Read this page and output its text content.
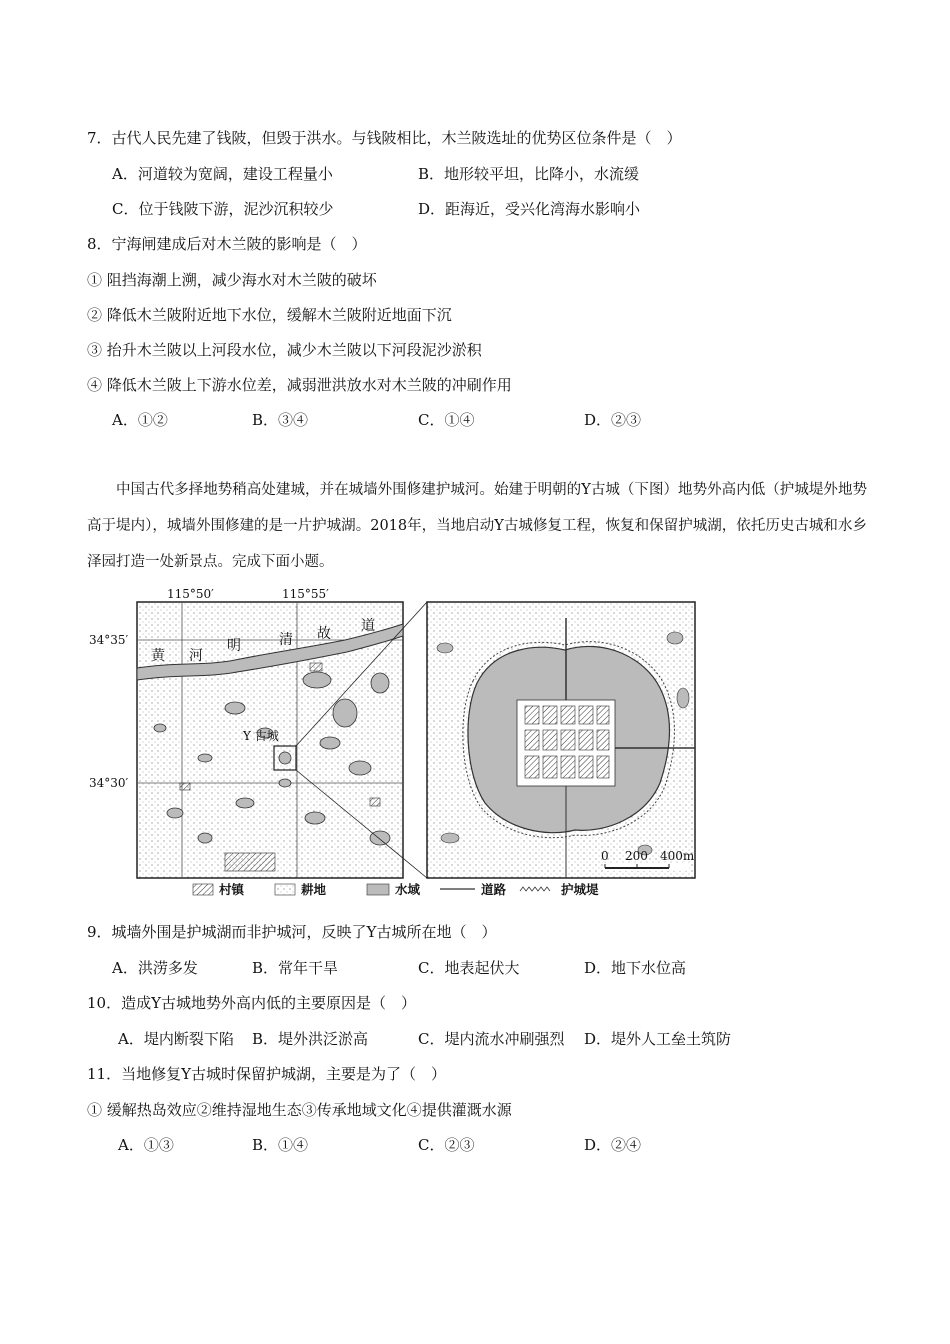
7．古代人民先建了钱陂，但毁于洪水。与钱陂相比，木兰陂选址的优势区位条件是（　）
A．河道较为宽阔，建设工程量小	B．地形较平坦，比降小，水流缓
C．位于钱陂下游，泥沙沉积较少	D．距海近，受兴化湾海水影响小
8．宁海闸建成后对木兰陂的影响是（　）
① 阻挡海潮上溯，减少海水对木兰陂的破坏
② 降低木兰陂附近地下水位，缓解木兰陂附近地面下沉
③ 抬升木兰陂以上河段水位，减少木兰陂以下河段泥沙淤积
④ 降低木兰陂上下游水位差，减弱泄洪放水对木兰陂的冲刷作用
A．①②	B．③④	C．①④	D．②③

中国古代多择地势稍高处建城，并在城墙外围修建护城河。始建于明朝的Y古城（下图）地势外高内低（护城堤外地势高于堤内），城墙外围修建的是一片护城湖。2018年，当地启动Y古城修复工程，恢复和保留护城湖，依托历史古城和水乡泽园打造一处新景点。完成下面小题。

115°50′	115°55′
34°35′
34°30′
黄 河
明	清 故 道
Y 古城
0 200 400m
村镇	耕地	水域	道路	护城堤
9．城墙外围是护城湖而非护城河，反映了Y古城所在地（　）
A．洪涝多发	B．常年干旱	C．地表起伏大	D．地下水位高
10．造成Y古城地势外高内低的主要原因是（　）
A．堤内断裂下陷 B．堤外洪泛淤高	C．堤内流水冲刷强烈 D．堤外人工垒土筑防
11．当地修复Y古城时保留护城湖，主要是为了（　）
① 缓解热岛效应②维持湿地生态③传承地域文化④提供灌溉水源
A．①③	B．①④	C．②③	D．②④
